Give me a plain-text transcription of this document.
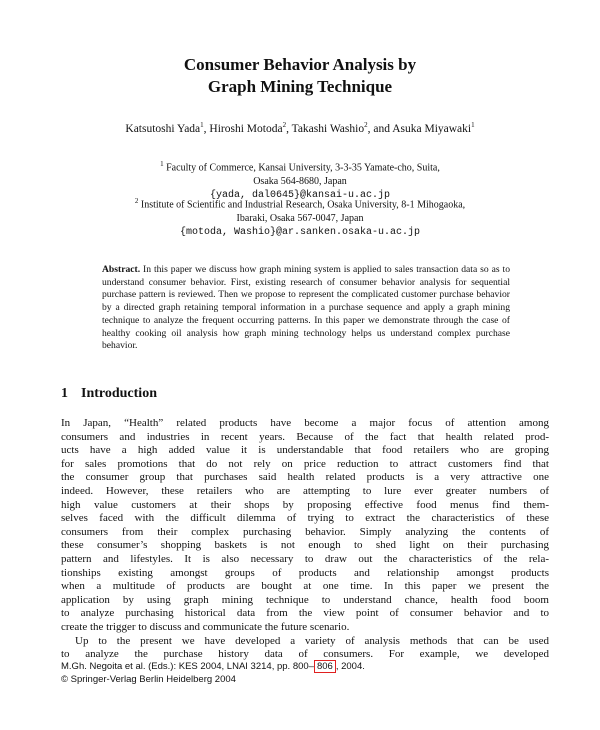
Consumer Behavior Analysis by
Graph Mining Technique
Katsutoshi Yada$^1$, Hiroshi Motoda$^2$, Takashi Washio$^2$, and Asuka Miyawaki$^1$
$^1$ Faculty of Commerce, Kansai University, 3-3-35 Yamate-cho, Suita,
Osaka 564-8680, Japan
{yada, dal0645}@kansai-u.ac.jp
$^2$ Institute of Scientific and Industrial Research, Osaka University, 8-1 Mihogaoka,
Ibaraki, Osaka 567-0047, Japan
{motoda, Washio}@ar.sanken.osaka-u.ac.jp

Abstract. In this paper we discuss how graph mining system is applied to sales transaction data so as to understand consumer behavior. First, existing research of consumer behavior analysis for sequential purchase pattern is reviewed. Then we propose to represent the complicated customer purchase behavior by a directed graph retaining temporal information in a purchase sequence and apply a graph mining technique to analyze the frequent occurring patterns. In this paper we demonstrate through the case of healthy cooking oil analysis how graph mining technology helps us understand complex purchase behavior.

1 Introduction
In Japan, “Health” related products have become a major focus of attention among
consumers and industries in recent years. Because of the fact that health related prod-
ucts have a high added value it is understandable that food retailers who are groping
for sales promotions that do not rely on price reduction to attract customers find that
the consumer group that purchases said health related products is a very attractive one
indeed. However, these retailers who are attempting to lure ever greater numbers of
high value customers at their shops by proposing effective food menus find them-
selves faced with the difficult dilemma of trying to extract the characteristics of these
consumers from their complex purchasing behavior. Simply analyzing the contents of
these consumer’s shopping baskets is not enough to shed light on their purchasing
pattern and lifestyles. It is also necessary to draw out the characteristics of the rela-
tionships existing amongst groups of products and relationship amongst products
when a multitude of products are bought at one time. In this paper we present the
application by using graph mining technique to understand chance, health food boom
to analyze purchasing historical data from the view point of consumer behavior and to
create the trigger to discuss and communicate the future scenario.
Up to the present we have developed a variety of analysis methods that can be used
to analyze the purchase history data of consumers. For example, we developed
M.Gh. Negoita et al. (Eds.): KES 2004, LNAI 3214, pp. 800– 806 , 2004.
© Springer-Verlag Berlin Heidelberg 2004
